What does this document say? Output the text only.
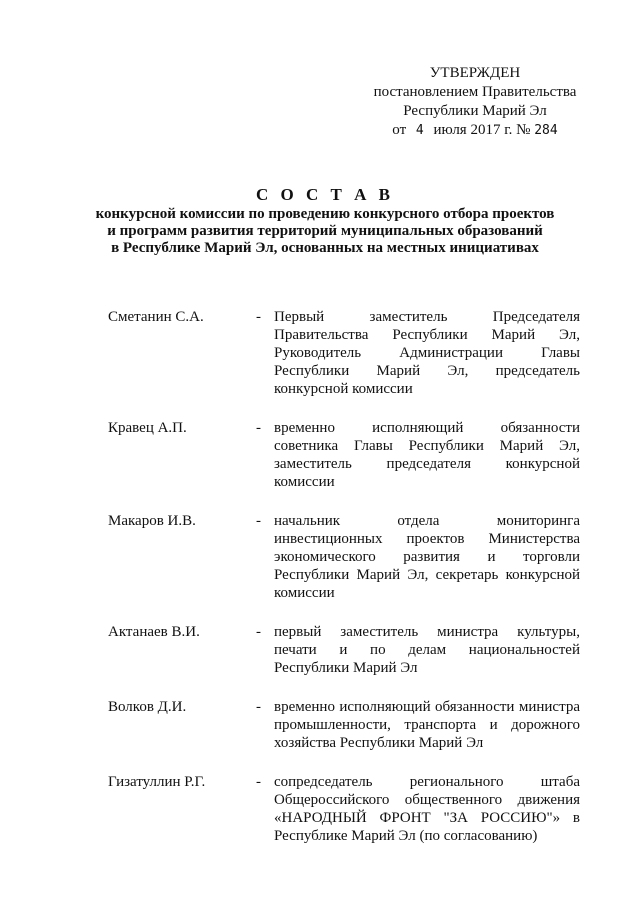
УТВЕРЖДЕН
постановлением Правительства
Республики Марий Эл
от 4 июля 2017 г. № 284
С О С Т А В
конкурсной комиссии по проведению конкурсного отбора проектов
и программ развития территорий муниципальных образований
в Республике Марий Эл, основанных на местных инициативах
Сметанин С.А.	- Первый заместитель Председателя Правительства Республики Марий Эл, Руководитель Администрации Главы Республики Марий Эл, председатель конкурсной комиссии
Кравец А.П.	- временно исполняющий обязанности советника Главы Республики Марий Эл, заместитель председателя конкурсной комиссии
Макаров И.В.	- начальник отдела мониторинга инвестиционных проектов Министерства экономического развития и торговли Республики Марий Эл, секретарь конкурсной комиссии
Актанаев В.И.	- первый заместитель министра культуры, печати и по делам национальностей Республики Марий Эл
Волков Д.И.	- временно исполняющий обязанности министра промышленности, транспорта и дорожного хозяйства Республики Марий Эл
Гизатуллин Р.Г.	- сопредседатель регионального штаба Общероссийского общественного движения «НАРОДНЫЙ ФРОНТ "ЗА РОССИЮ"» в Республике Марий Эл (по согласованию)
